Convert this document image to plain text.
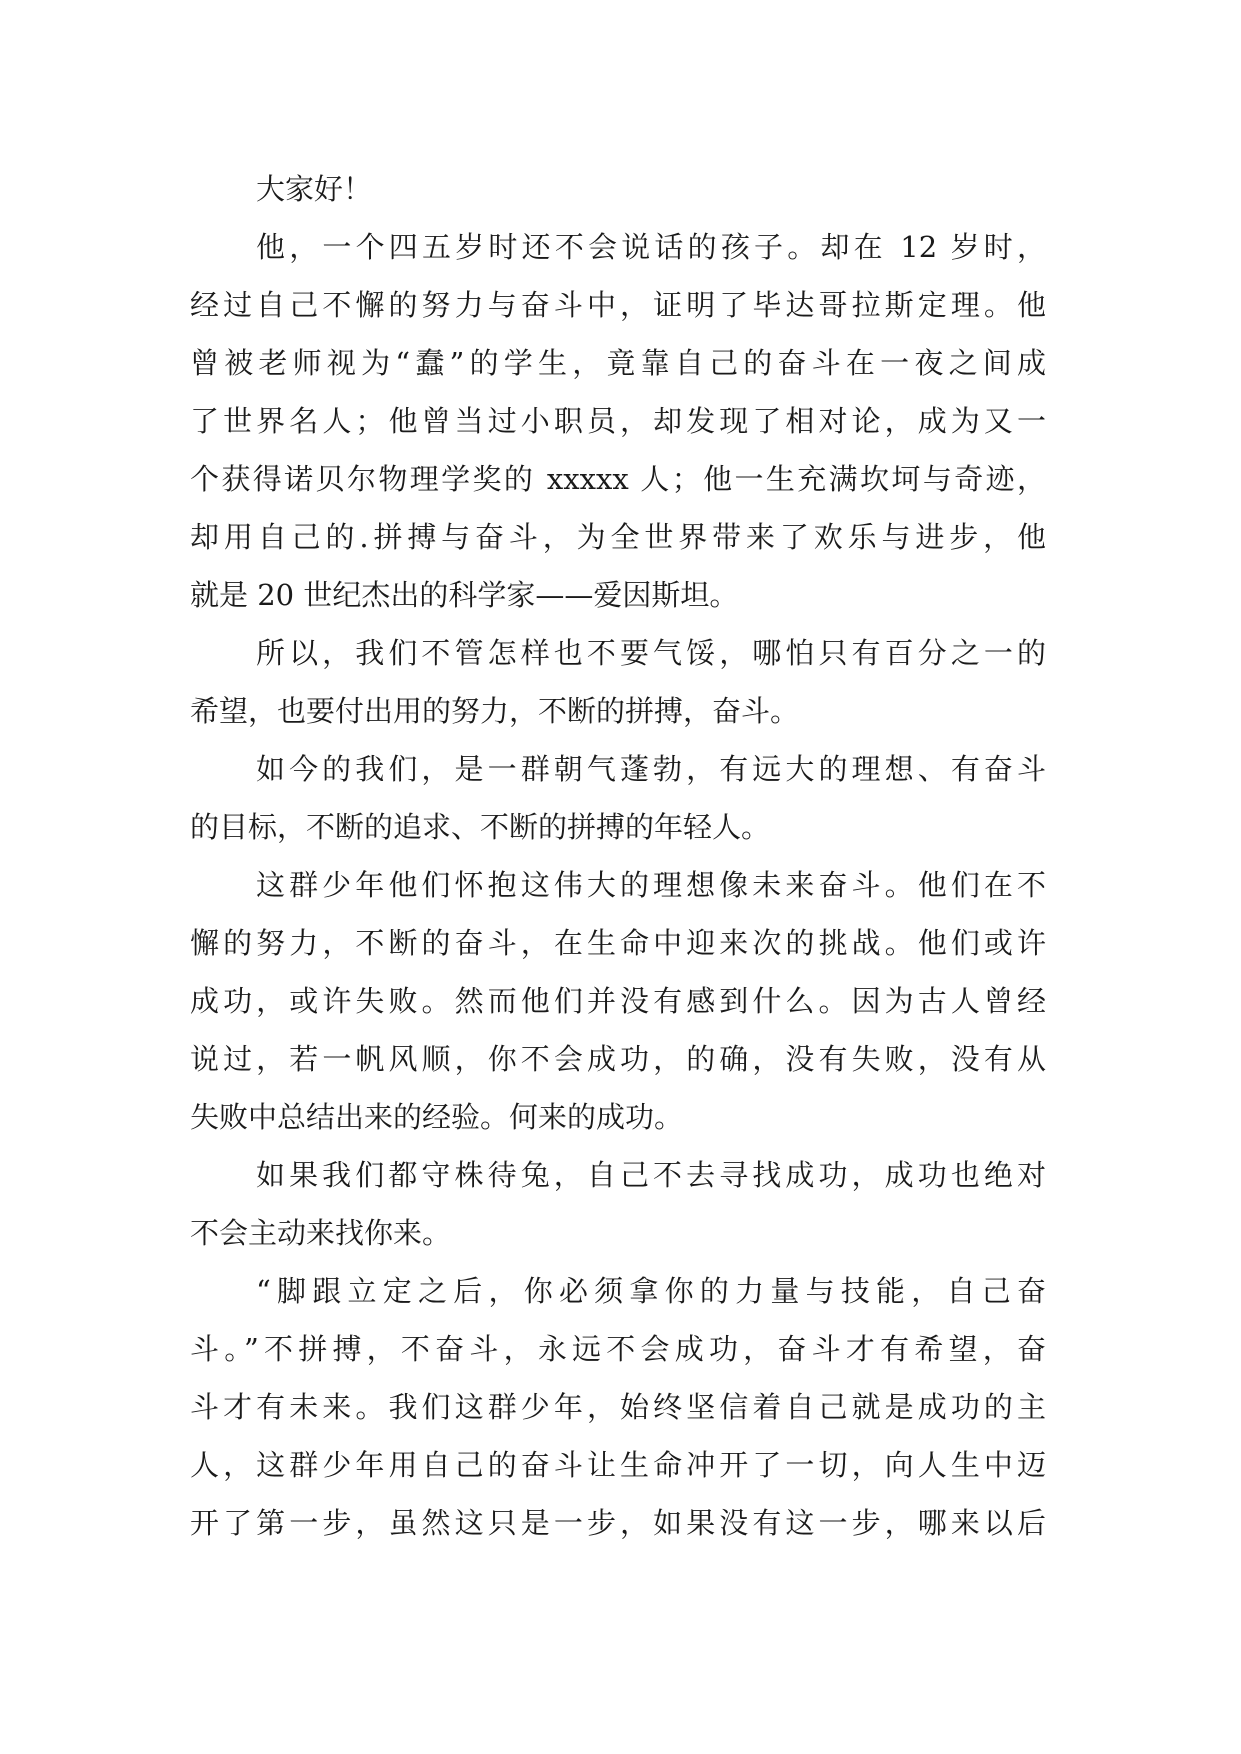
大家好！
他，一个四五岁时还不会说话的孩子。却在 12 岁时，
经过自己不懈的努力与奋斗中，证明了毕达哥拉斯定理。他
曾被老师视为“蠢”的学生，竟靠自己的奋斗在一夜之间成
了世界名人；他曾当过小职员，却发现了相对论，成为又一
个获得诺贝尔物理学奖的 xxxxx 人；他一生充满坎坷与奇迹，
却用自己的.拼搏与奋斗，为全世界带来了欢乐与进步，他
就是 20 世纪杰出的科学家——爱因斯坦。
所以，我们不管怎样也不要气馁，哪怕只有百分之一的
希望，也要付出用的努力，不断的拼搏，奋斗。
如今的我们，是一群朝气蓬勃，有远大的理想、有奋斗
的目标，不断的追求、不断的拼搏的年轻人。
这群少年他们怀抱这伟大的理想像未来奋斗。他们在不
懈的努力，不断的奋斗，在生命中迎来次的挑战。他们或许
成功，或许失败。然而他们并没有感到什么。因为古人曾经
说过，若一帆风顺，你不会成功，的确，没有失败，没有从
失败中总结出来的经验。何来的成功。
如果我们都守株待兔，自己不去寻找成功，成功也绝对
不会主动来找你来。
“脚跟立定之后，你必须拿你的力量与技能，自己奋
斗。”不拼搏，不奋斗，永远不会成功，奋斗才有希望，奋
斗才有未来。我们这群少年，始终坚信着自己就是成功的主
人，这群少年用自己的奋斗让生命冲开了一切，向人生中迈
开了第一步，虽然这只是一步，如果没有这一步，哪来以后
